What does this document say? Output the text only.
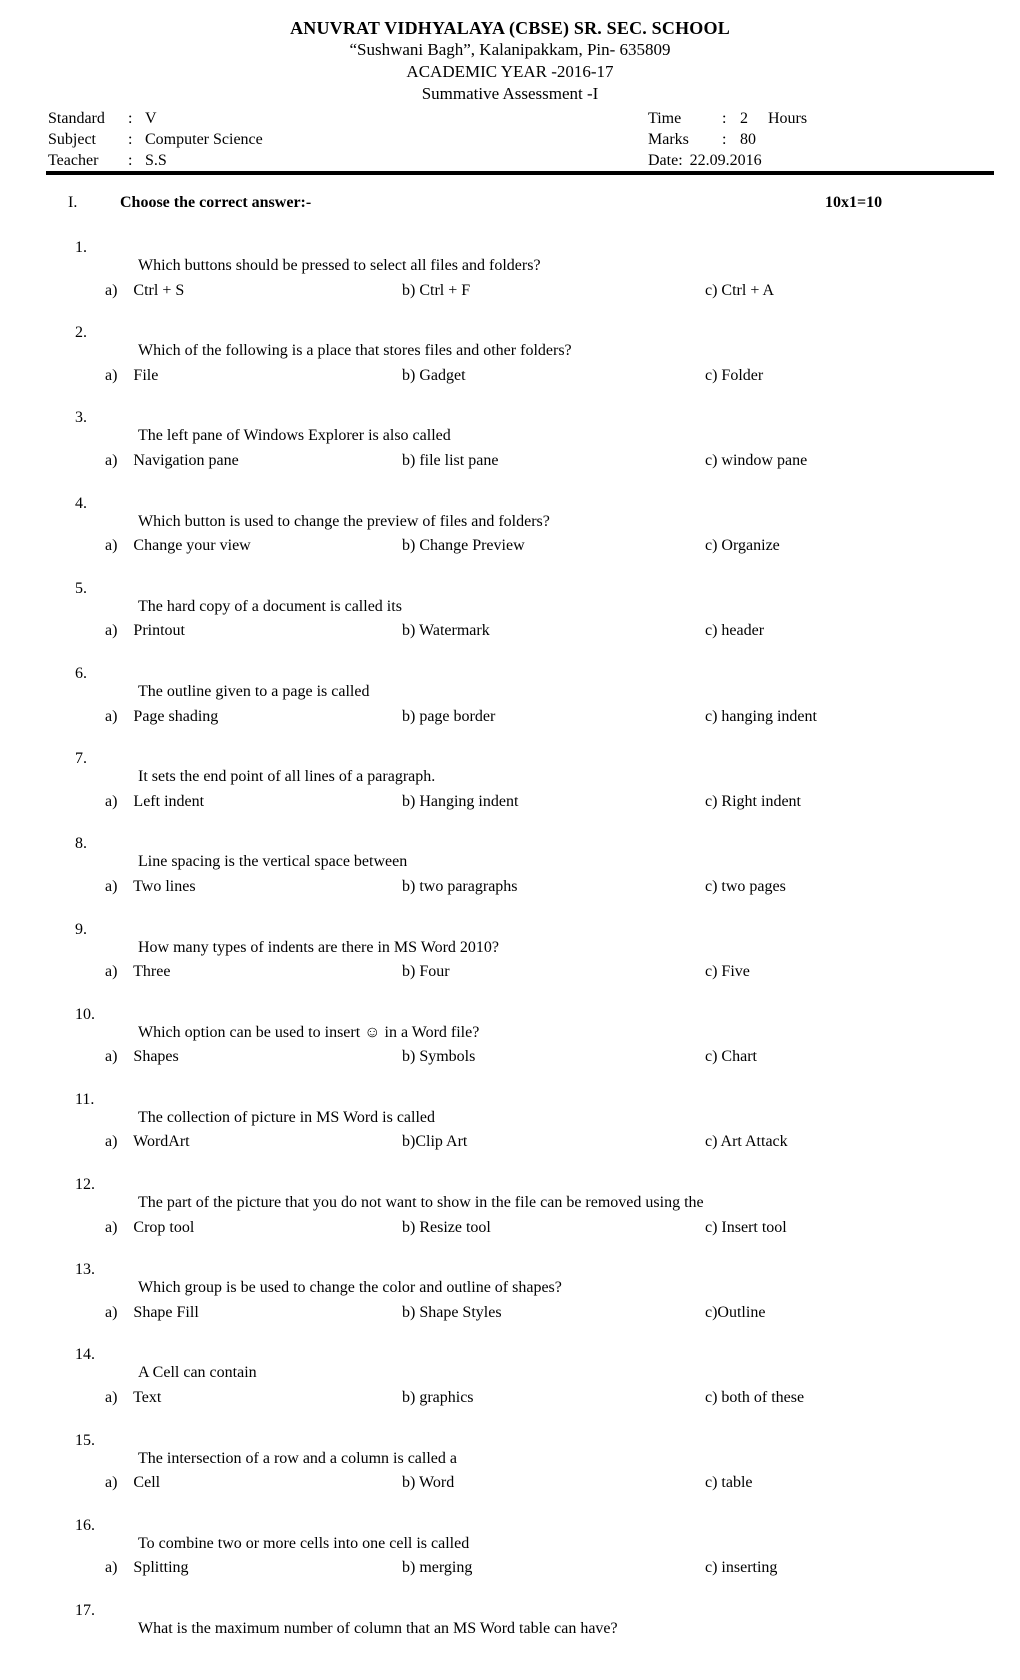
ANUVRAT VIDHYALAYA (CBSE) SR. SEC. SCHOOL
“Sushwani Bagh”, Kalanipakkam, Pin- 635809
ACADEMIC YEAR -2016-17
Summative Assessment -I
Standard	: V
Subject	: Computer Science
Teacher	: S.S
Time	: 2     Hours
Marks	: 80
Date: 22.09.2016
I.	Choose the correct answer:-	10x1=10

1.
Which buttons should be pressed to select all files and folders?

a)    Ctrl + S	b) Ctrl + F	c) Ctrl + A

2.
Which of the following is a place that stores files and other folders?

a)    File	b) Gadget	c) Folder

3.
The left pane of Windows Explorer is also called

a)    Navigation pane	b) file list pane	c) window pane

4.
Which button is used to change the preview of files and folders?

a)    Change your view	b) Change Preview	c) Organize

5.
The hard copy of a document is called its

a)    Printout	b) Watermark	c) header

6.
The outline given to a page is called

a)    Page shading	b) page border	c) hanging indent

7.
It sets the end point of all lines of a paragraph.

a)    Left indent	b) Hanging indent	c) Right indent

8.
Line spacing is the vertical space between

a)    Two lines	b) two paragraphs	c) two pages

9.
How many types of indents are there in MS Word 2010?

a)    Three	b) Four	c) Five

10.
Which option can be used to insert ☺ in a Word file?

a)    Shapes	b) Symbols	c) Chart

11.
The collection of picture in MS Word is called

a)    WordArt	b)Clip Art	c) Art Attack

12.
The part of the picture that you do not want to show in the file can be removed using the

a)    Crop tool	b) Resize tool	c) Insert tool

13.
Which group is be used to change the color and outline of shapes?

a)    Shape Fill	b) Shape Styles	c)Outline

14.
A Cell can contain

a)    Text	b) graphics	c) both of these

15.
The intersection of a row and a column is called a

a)    Cell	b) Word	c) table

16.
To combine two or more cells into one cell is called

a)    Splitting	b) merging	c) inserting

17.
What is the maximum number of column that an MS Word table can have?
